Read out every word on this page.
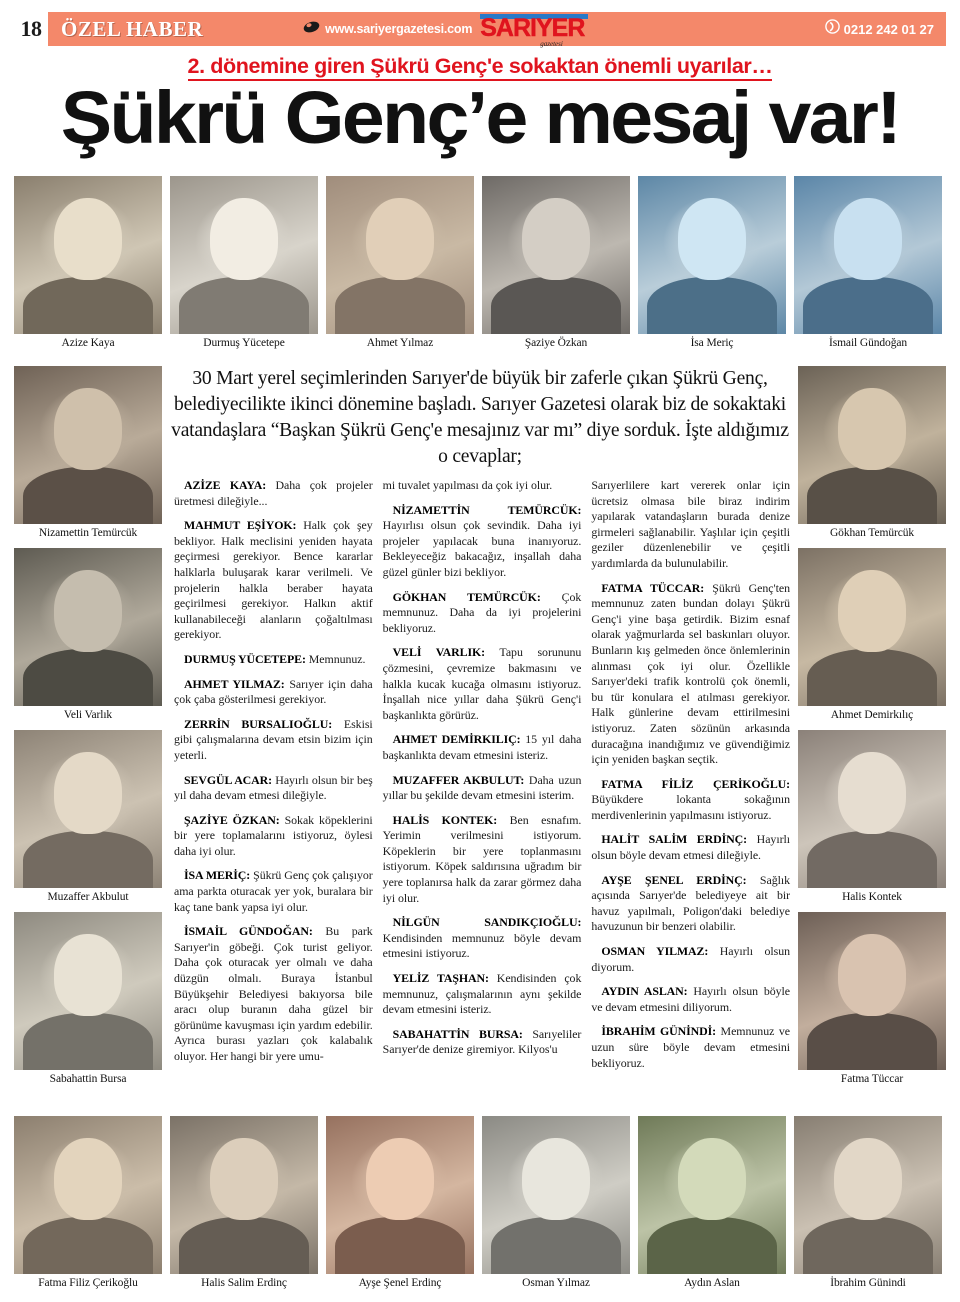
18 ÖZEL HABER	www.sariyergazetesi.com SARIYER
gazetesi
0212 242 01 27
2. dönemine giren Şükrü Genç'e sokaktan önemli uyarılar…
Şükrü Genç’e mesaj var!
Azize Kaya	Durmuş Yücetepe	Ahmet Yılmaz	Şaziye Özkan	İsa Meriç	İsmail Gündoğan
Nizamettin Temürcük
Veli Varlık
Muzaffer Akbulut
Sabahattin Bursa
Gökhan Temürcük
Ahmet Demirkılıç
Halis Kontek
Fatma Tüccar
30 Mart yerel seçimlerinden Sarıyer'de büyük bir zaferle çıkan Şükrü Genç, belediyecilikte ikinci dönemine başladı. Sarıyer Gazetesi olarak biz de sokaktaki vatandaşlara “Başkan Şükrü Genç'e mesajınız var mı” diye sorduk. İşte aldığımız o cevaplar;

AZİZE KAYA: Daha çok projeler üretmesi dileğiyle...

MAHMUT EŞİYOK: Halk çok şey bekliyor. Halk meclisini yeniden hayata geçirmesi gerekiyor. Bence kararlar halklarla buluşarak karar verilmeli. Ve projelerin halkla beraber hayata geçirilmesi gerekiyor. Halkın aktif kullanabileceği alanların çoğaltılması gerekiyor.

DURMUŞ YÜCETEPE: Memnunuz.

AHMET YILMAZ: Sarıyer için daha çok çaba gösterilmesi gerekiyor.

ZERRİN BURSALIOĞLU: Eskisi gibi çalışmalarına devam etsin bizim için yeterli.

SEVGÜL ACAR: Hayırlı olsun bir beş yıl daha devam etmesi dileğiyle.

ŞAZİYE ÖZKAN: Sokak köpeklerini bir yere toplamalarını istiyoruz, öylesi daha iyi olur.

İSA MERİÇ: Şükrü Genç çok çalışıyor ama parkta oturacak yer yok, buralara bir kaç tane bank yapsa iyi olur.

İSMAİL GÜNDOĞAN: Bu park Sarıyer'in göbeği. Çok turist geliyor. Daha çok oturacak yer olmalı ve daha düzgün olmalı. Buraya İstanbul Büyükşehir Belediyesi bakıyorsa bile aracı olup buranın daha güzel bir görünüme kavuşması için yardım edebilir. Ayrıca burası yazları çok kalabalık oluyor. Her hangi bir yere umu-

mi tuvalet yapılması da çok iyi olur.

NİZAMETTİN TEMÜRCÜK: Hayırlısı olsun çok sevindik. Daha iyi projeler yapılacak buna inanıyoruz. Bekleyeceğiz bakacağız, inşallah daha güzel günler bizi bekliyor.

GÖKHAN TEMÜRCÜK: Çok memnunuz. Daha da iyi projelerini bekliyoruz.

VELİ VARLIK: Tapu sorununu çözmesini, çevremize bakmasını ve halkla kucak kucağa olmasını istiyoruz. İnşallah nice yıllar daha Şükrü Genç'i başkanlıkta görürüz.

AHMET DEMİRKILIÇ: 15 yıl daha başkanlıkta devam etmesini isteriz.

MUZAFFER AKBULUT: Daha uzun yıllar bu şekilde devam etmesini isterim.

HALİS KONTEK: Ben esnafım. Yerimin verilmesini istiyorum. Köpeklerin bir yere toplanmasını istiyorum. Köpek saldırısına uğradım bir yere toplanırsa halk da zarar görmez daha iyi olur.

NİLGÜN SANDIKÇIOĞLU: Kendisinden memnunuz böyle devam etmesini istiyoruz.

YELİZ TAŞHAN: Kendisinden çok memnunuz, çalışmalarının aynı şekilde devam etmesini isteriz.

SABAHATTİN BURSA: Sarıyeliler Sarıyer'de denize giremiyor. Kilyos'u

Sarıyerlilere kart vererek onlar için ücretsiz olmasa bile biraz indirim yapılarak vatandaşların burada denize girmeleri sağlanabilir. Yaşlılar için çeşitli geziler düzenlenebilir ve çeşitli yardımlarda da bulunulabilir.

FATMA TÜCCAR: Şükrü Genç'ten memnunuz zaten bundan dolayı Şükrü Genç'i yine başa getirdik. Bizim esnaf olarak yağmurlarda sel baskınları oluyor. Bunların kış gelmeden önce önlemlerinin alınması çok iyi olur. Özellikle Sarıyer'deki trafik kontrolü çok önemli, bu tür konulara el atılması gerekiyor. Halk günlerine devam ettirilmesini istiyoruz. Zaten sözünün arkasında duracağına inandığımız ve güvendiğimiz için yeniden başkan seçtik.

FATMA FİLİZ ÇERİKOĞLU: Büyükdere lokanta sokağının merdivenlerinin yapılmasını istiyoruz.

HALİT SALİM ERDİNÇ: Hayırlı olsun böyle devam etmesi dileğiyle.

AYŞE ŞENEL ERDİNÇ: Sağlık açısında Sarıyer'de belediyeye ait bir havuz yapılmalı, Poligon'daki belediye havuzunun bir benzeri olabilir.

OSMAN YILMAZ: Hayırlı olsun diyorum.

AYDIN ASLAN: Hayırlı olsun böyle ve devam etmesini diliyorum.

İBRAHİM GÜNİNDİ: Memnunuz ve uzun süre böyle devam etmesini bekliyoruz.

Fatma Filiz Çerikoğlu	Halis Salim Erdinç	Ayşe Şenel Erdinç	Osman Yılmaz	Aydın Aslan	İbrahim Günindi
